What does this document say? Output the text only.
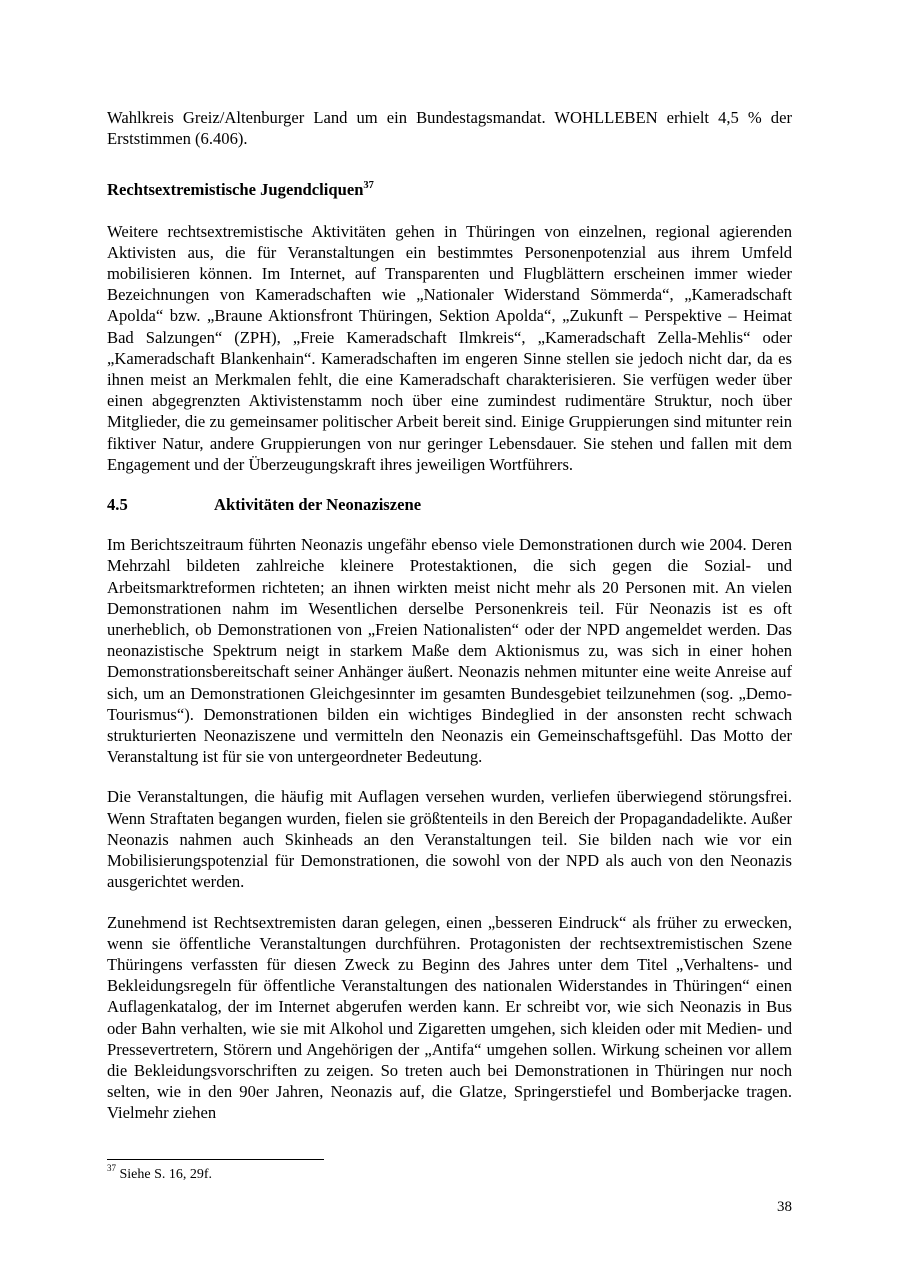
Wahlkreis Greiz/Altenburger Land um ein Bundestagsmandat. WOHLLEBEN erhielt 4,5 % der Erststimmen (6.406).

Rechtsextremistische Jugendcliquen$^{37}$

Weitere rechtsextremistische Aktivitäten gehen in Thüringen von einzelnen, regional agierenden Aktivisten aus, die für Veranstaltungen ein bestimmtes Personenpotenzial aus ihrem Umfeld mobilisieren können. Im Internet, auf Transparenten und Flugblättern erscheinen immer wieder Bezeichnungen von Kameradschaften wie „Nationaler Widerstand Sömmerda“, „Kameradschaft Apolda“ bzw. „Braune Aktionsfront Thüringen, Sektion Apolda“, „Zukunft – Perspektive – Heimat Bad Salzungen“ (ZPH), „Freie Kameradschaft Ilmkreis“, „Kameradschaft Zella-Mehlis“ oder „Kameradschaft Blankenhain“. Kameradschaften im engeren Sinne stellen sie jedoch nicht dar, da es ihnen meist an Merkmalen fehlt, die eine Kameradschaft charakterisieren. Sie verfügen weder über einen abgegrenzten Aktivistenstamm noch über eine zumindest rudimentäre Struktur, noch über Mitglieder, die zu gemeinsamer politischer Arbeit bereit sind. Einige Gruppierungen sind mitunter rein fiktiver Natur, andere Gruppierungen von nur geringer Lebensdauer. Sie stehen und fallen mit dem Engagement und der Überzeugungskraft ihres jeweiligen Wortführers.

4.5	Aktivitäten der Neonaziszene

Im Berichtszeitraum führten Neonazis ungefähr ebenso viele Demonstrationen durch wie 2004. Deren Mehrzahl bildeten zahlreiche kleinere Protestaktionen, die sich gegen die Sozial- und Arbeitsmarktreformen richteten; an ihnen wirkten meist nicht mehr als 20 Personen mit. An vielen Demonstrationen nahm im Wesentlichen derselbe Personenkreis teil. Für Neonazis ist es oft unerheblich, ob Demonstrationen von „Freien Nationalisten“ oder der NPD angemeldet werden. Das neonazistische Spektrum neigt in starkem Maße dem Aktionismus zu, was sich in einer hohen Demonstrationsbereitschaft seiner Anhänger äußert. Neonazis nehmen mitunter eine weite Anreise auf sich, um an Demonstrationen Gleichgesinnter im gesamten Bundesgebiet teilzunehmen (sog. „Demo-Tourismus“). Demonstrationen bilden ein wichtiges Bindeglied in der ansonsten recht schwach strukturierten Neonaziszene und vermitteln den Neonazis ein Gemeinschaftsgefühl. Das Motto der Veranstaltung ist für sie von untergeordneter Bedeutung.

Die Veranstaltungen, die häufig mit Auflagen versehen wurden, verliefen überwiegend störungsfrei. Wenn Straftaten begangen wurden, fielen sie größtenteils in den Bereich der Propagandadelikte. Außer Neonazis nahmen auch Skinheads an den Veranstaltungen teil. Sie bilden nach wie vor ein Mobilisierungspotenzial für Demonstrationen, die sowohl von der NPD als auch von den Neonazis ausgerichtet werden.

Zunehmend ist Rechtsextremisten daran gelegen, einen „besseren Eindruck“ als früher zu erwecken, wenn sie öffentliche Veranstaltungen durchführen. Protagonisten der rechtsextremistischen Szene Thüringens verfassten für diesen Zweck zu Beginn des Jahres unter dem Titel „Verhaltens- und Bekleidungsregeln für öffentliche Veranstaltungen des nationalen Widerstandes in Thüringen“ einen Auflagenkatalog, der im Internet abgerufen werden kann. Er schreibt vor, wie sich Neonazis in Bus oder Bahn verhalten, wie sie mit Alkohol und Zigaretten umgehen, sich kleiden oder mit Medien- und Pressevertretern, Störern und Angehörigen der „Antifa“ umgehen sollen. Wirkung scheinen vor allem die Bekleidungsvorschriften zu zeigen. So treten auch bei Demonstrationen in Thüringen nur noch selten, wie in den 90er Jahren, Neonazis auf, die Glatze, Springerstiefel und Bomberjacke tragen. Vielmehr ziehen

$^{37}$ Siehe S. 16, 29f.
38
